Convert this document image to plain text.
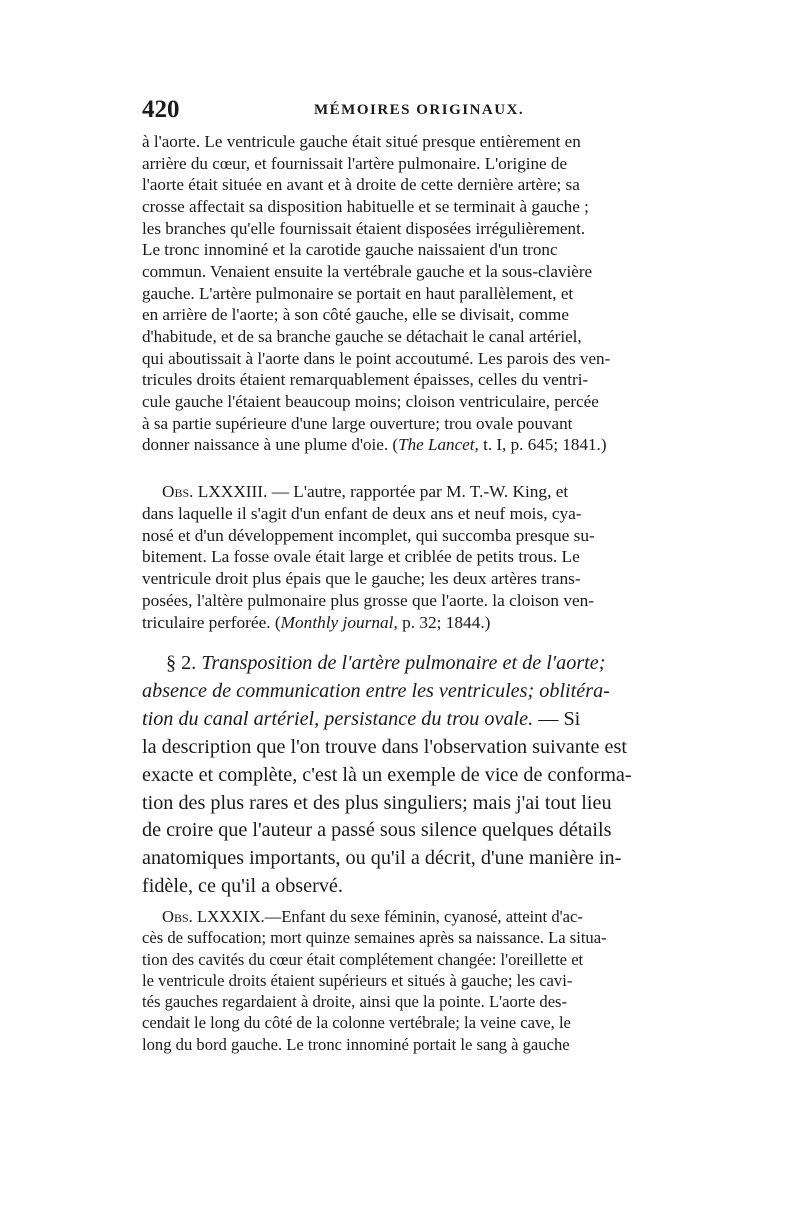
420	MÉMOIRES ORIGINAUX.
à l'aorte. Le ventricule gauche était situé presque entièrement en
arrière du cœur, et fournissait l'artère pulmonaire. L'origine de
l'aorte était située en avant et à droite de cette dernière artère; sa
crosse affectait sa disposition habituelle et se terminait à gauche ;
les branches qu'elle fournissait étaient disposées irrégulièrement.
Le tronc innominé et la carotide gauche naissaient d'un tronc
commun. Venaient ensuite la vertébrale gauche et la sous-clavière
gauche. L'artère pulmonaire se portait en haut parallèlement, et
en arrière de l'aorte; à son côté gauche, elle se divisait, comme
d'habitude, et de sa branche gauche se détachait le canal artériel,
qui aboutissait à l'aorte dans le point accoutumé. Les parois des ven-
tricules droits étaient remarquablement épaisses, celles du ventri-
cule gauche l'étaient beaucoup moins; cloison ventriculaire, percée
à sa partie supérieure d'une large ouverture; trou ovale pouvant
donner naissance à une plume d'oie. (The Lancet, t. I, p. 645; 1841.)
Obs. LXXXIII. — L'autre, rapportée par M. T.-W. King, et
dans laquelle il s'agit d'un enfant de deux ans et neuf mois, cya-
nosé et d'un développement incomplet, qui succomba presque su-
bitement. La fosse ovale était large et criblée de petits trous. Le
ventricule droit plus épais que le gauche; les deux artères trans-
posées, l'altère pulmonaire plus grosse que l'aorte. la cloison ven-
triculaire perforée. (Monthly journal, p. 32; 1844.)
§ 2. Transposition de l'artère pulmonaire et de l'aorte;
absence de communication entre les ventricules; oblitéra-
tion du canal artériel, persistance du trou ovale. — Si
la description que l'on trouve dans l'observation suivante est
exacte et complète, c'est là un exemple de vice de conforma-
tion des plus rares et des plus singuliers; mais j'ai tout lieu
de croire que l'auteur a passé sous silence quelques détails
anatomiques importants, ou qu'il a décrit, d'une manière in-
fidèle, ce qu'il a observé.
Obs. LXXXIX.—Enfant du sexe féminin, cyanosé, atteint d'ac-
cès de suffocation; mort quinze semaines après sa naissance. La situa-
tion des cavités du cœur était complétement changée: l'oreillette et
le ventricule droits étaient supérieurs et situés à gauche; les cavi-
tés gauches regardaient à droite, ainsi que la pointe. L'aorte des-
cendait le long du côté de la colonne vertébrale; la veine cave, le
long du bord gauche. Le tronc innominé portait le sang à gauche
